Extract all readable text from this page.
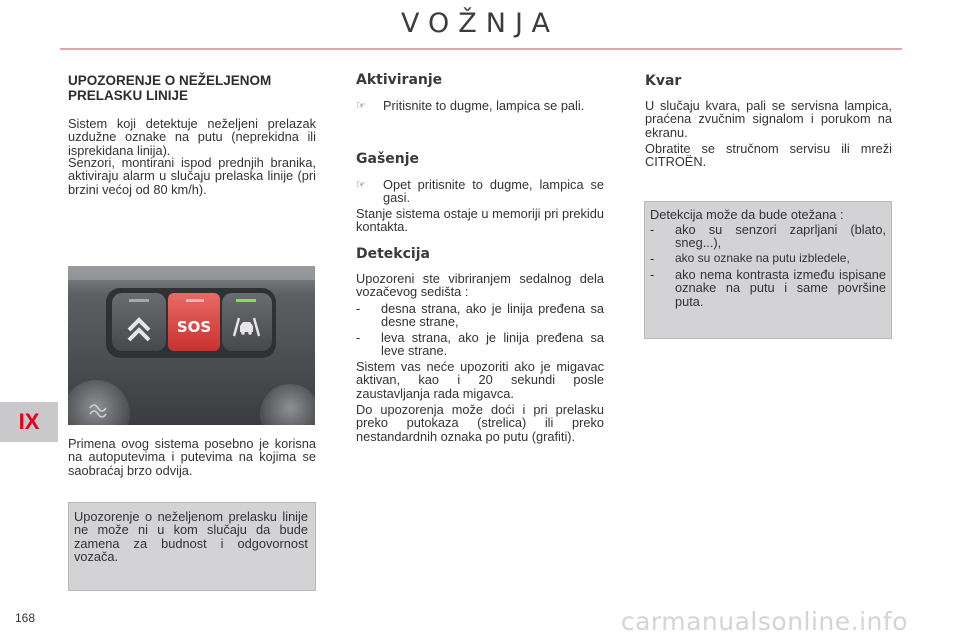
VOŽNJA
IX
168
UPOZORENJE O NEŽELJENOM
PRELASKU LINIJE
Sistem koji detektuje neželjeni prelazak uzdužne oznake na putu (neprekidna ili isprekidana linija).
Senzori, montirani ispod prednjih branika, aktiviraju alarm u slučaju prelaska linije (pri brzini većoj od 80 km/h).
SOS
Primena ovog sistema posebno je korisna na autoputevima i putevima na kojima se saobraćaj brzo odvija.
Upozorenje o neželjenom prelasku linije ne može ni u kom slučaju da bude zamena za budnost i odgovornost vozača.
Aktiviranje
☞	Pritisnite to dugme, lampica se pali.
Gašenje
☞	Opet pritisnite to dugme, lampica se gasi.
Stanje sistema ostaje u memoriji pri prekidu kontakta.
Detekcija
Upozoreni ste vibriranjem sedalnog dela vozačevog sedišta :
-	desna strana, ako je linija pređena sa desne strane,
-	leva strana, ako je linija pređena sa leve strane.
Sistem vas neće upozoriti ako je migavac aktivan, kao i 20 sekundi posle zaustavljanja rada migavca.
Do upozorenja može doći i pri prelasku preko putokaza (strelica) ili preko nestandardnih oznaka po putu (grafiti).
Kvar
U slučaju kvara, pali se servisna lampica, praćena zvučnim signalom i porukom na ekranu.
Obratite se stručnom servisu ili mreži CITROËN.
Detekcija može da bude otežana :
-	ako su senzori zaprljani (blato, sneg...),
-	ako su oznake na putu izbledele,
-	ako nema kontrasta između ispisane oznake na putu i same površine puta.
carmanualsonline.info
